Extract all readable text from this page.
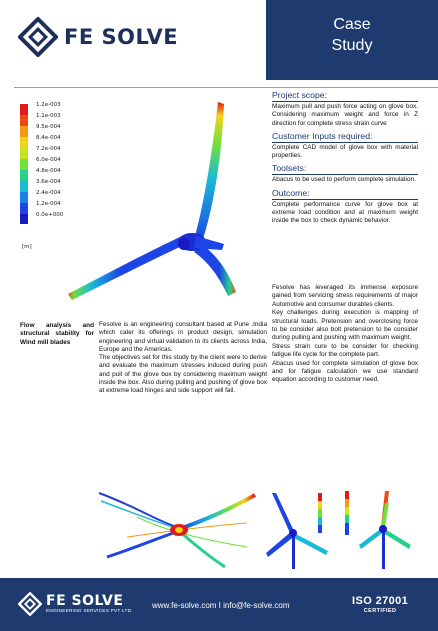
FE SOLVE
Case
Study
1.2e-003
1.1e-003
9.5e-004
8.4e-004
7.2e-004
6.0e-004
4.8e-004
3.6e-004
2.4e-004
1.2e-004
0.0e+000
[m]
Project scope:
Maximum pull and push force acting on glove box. Considering maximum weight and force in Z direction for complete stress strain curve
Customer Inputs required:
Complete CAD model of glove box with material properties.
Toolsets:
Abacus to be used to perform complete simulation.
Outcome:
Complete performance curve for glove box at extreme load condition and at maximum weight inside the box to check dynamic behavior.
Flow analysis and structural stability for Wind mill blades

Fesolve is an engineering consultant based at Pune ,India which cater its offerings in product design, simulation engineering and virtual validation to its clients across India, Europe and the Americas.

The objectives set for this study by the client were to derive and evaluate the maximum stresses induced during push and pull of the glove box by considering maximum weight inside the box. Also during pulling and pushing of glove box at extreme load hinges and side support will fail.

Fesolve has leveraged its immense exposure gained from servicing stress requirements of major Automotive and consumer durables clients.

Key challenges during execution is mapping of structural loads. Pretension and overclosing force to be consider also bolt pretension to be consider during pulling and pushing with maximum weight.

Stress strain cure to be consider for checking fatigue life cycle for the complete part.

Abacus used for complete simulation of glove box and for fatigue calculation we use standard equation according to customer need.

FE SOLVE
ENGINEERING SERVICES PVT LTD.
www.fe-solve.com I info@fe-solve.com	ISO 27001
CERTIFIED
